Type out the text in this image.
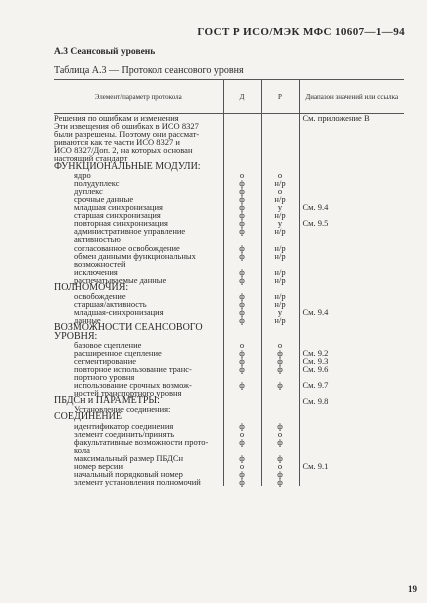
ГОСТ Р ИСО/МЭК МФС 10607—1—94
А.3 Сеансовый уровень
Таблица А.3 — Протокол сеансового уровня
Элемент/параметр протокола	Д	Р	Диапазон значений или ссылка
Решения по ошибкам и изменения			См. приложение В
Эти извещения об ошибках в ИСО 8327			
были разрешены. Поэтому они рассмат-			
риваются как те части ИСО 8327 и			
ИСО 8327/Доп. 2, на которых основан			
настоящий стандарт			
ФУНКЦИОНАЛЬНЫЕ МОДУЛИ:			
ядро	о	о	
полудуплекс	ф	н/р	
дуплекс	ф	о	
срочные данные	ф	н/р	
младшая синхронизация	ф	у	См. 9.4
старшая синхронизация	ф	н/р	
повторная синхронизация	ф	у	См. 9.5
административное управление	ф	н/р	
активностью			
согласованное освобождение	ф	н/р	
обмен данными функциональных	ф	н/р	
возможностей			
исключения	ф	н/р	
распечатываемые данные	ф	н/р	
ПОЛНОМОЧИЯ:			
освобождение	ф	н/р	
старшая/активность	ф	н/р	
младшая-синхронизация	ф	у	См. 9.4
данные	ф	н/р	
ВОЗМОЖНОСТИ СЕАНСОВОГО			
УРОВНЯ:			
базовое сцепление	о	о	
расширенное сцепление	ф	ф	См. 9.2
сегментирование	ф	ф	См. 9.3
повторное использование транс-	ф	ф	См. 9.6
портного уровня			
использование срочных возмож-	ф	ф	См. 9.7
ностей транспортного уровня			
ПБДСн и ПАРАМЕТРЫ:			См. 9.8
Установление соединения:			
СОЕДИНЕНИЕ			
идентификатор соединения	ф	ф	
элемент соединить/принять	о	о	
факультативные возможности прото-	ф	ф	
кола			
максимальный размер ПБДСн	ф	ф	
номер версии	о	о	См. 9.1
начальный порядковый номер	ф	ф	
элемент установления полномочий	ф	ф	
19
